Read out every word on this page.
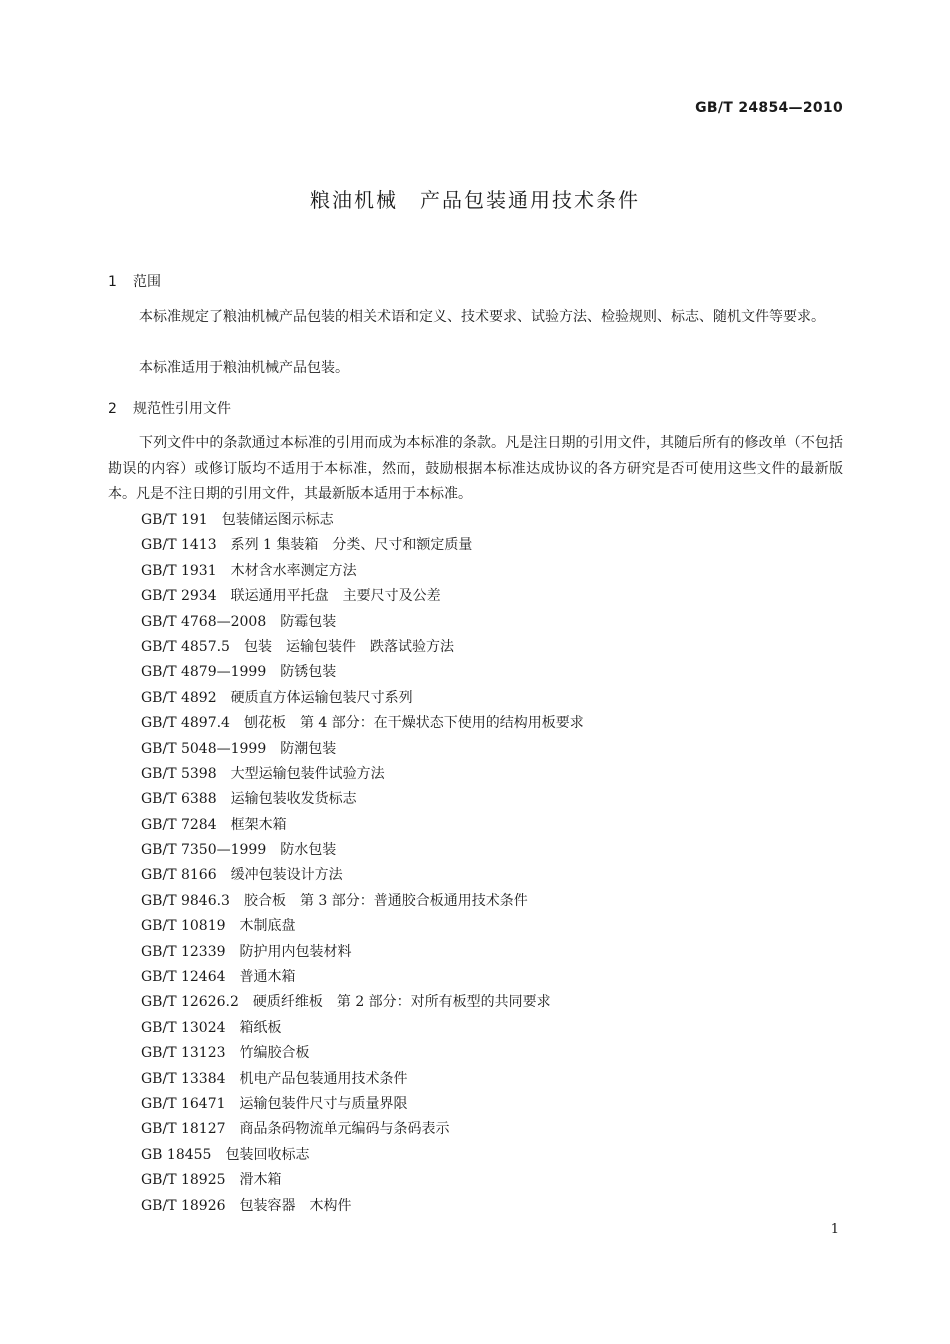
GB/T 24854—2010
粮油机械　产品包装通用技术条件
1 范围
本标准规定了粮油机械产品包装的相关术语和定义、技术要求、试验方法、检验规则、标志、随机文件等要求。
本标准适用于粮油机械产品包装。
2 规范性引用文件
下列文件中的条款通过本标准的引用而成为本标准的条款。凡是注日期的引用文件，其随后所有的修改单（不包括勘误的内容）或修订版均不适用于本标准，然而，鼓励根据本标准达成协议的各方研究是否可使用这些文件的最新版本。凡是不注日期的引用文件，其最新版本适用于本标准。
GB/T 191　包装储运图示标志
GB/T 1413　系列 1 集装箱　分类、尺寸和额定质量
GB/T 1931　木材含水率测定方法
GB/T 2934　联运通用平托盘　主要尺寸及公差
GB/T 4768—2008　防霉包装
GB/T 4857.5　包装　运输包装件　跌落试验方法
GB/T 4879—1999　防锈包装
GB/T 4892　硬质直方体运输包装尺寸系列
GB/T 4897.4　刨花板　第 4 部分：在干燥状态下使用的结构用板要求
GB/T 5048—1999　防潮包装
GB/T 5398　大型运输包装件试验方法
GB/T 6388　运输包装收发货标志
GB/T 7284　框架木箱
GB/T 7350—1999　防水包装
GB/T 8166　缓冲包装设计方法
GB/T 9846.3　胶合板　第 3 部分：普通胶合板通用技术条件
GB/T 10819　木制底盘
GB/T 12339　防护用内包装材料
GB/T 12464　普通木箱
GB/T 12626.2　硬质纤维板　第 2 部分：对所有板型的共同要求
GB/T 13024　箱纸板
GB/T 13123　竹编胶合板
GB/T 13384　机电产品包装通用技术条件
GB/T 16471　运输包装件尺寸与质量界限
GB/T 18127　商品条码物流单元编码与条码表示
GB 18455　包装回收标志
GB/T 18925　滑木箱
GB/T 18926　包装容器　木构件
1
